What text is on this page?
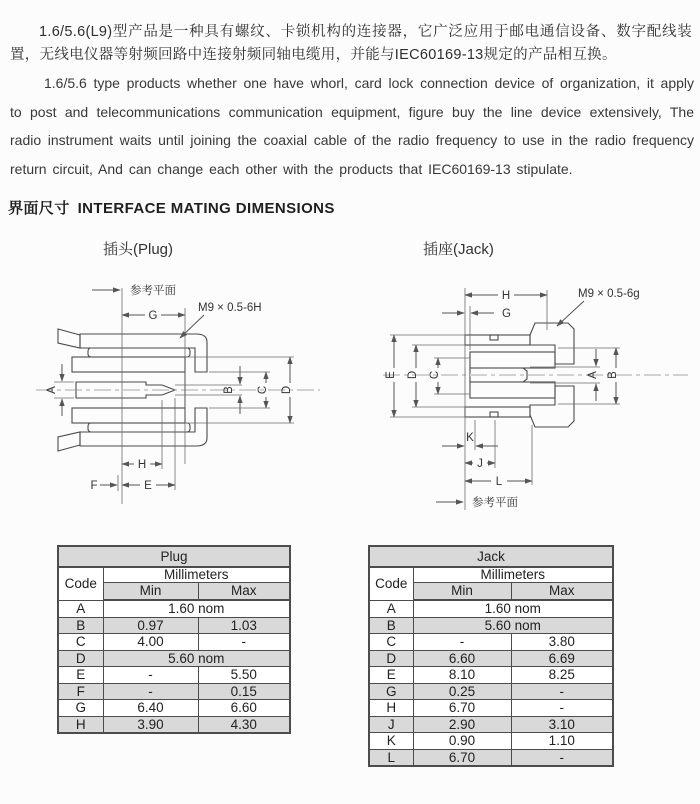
1.6/5.6(L9)型产品是一种具有螺纹、卡锁机构的连接器，它广泛应用于邮电通信设备、数字配线装置，无线电仪器等射频回路中连接射频同轴电缆用，并能与IEC60169-13规定的产品相互换。

1.6/5.6 type products whether one have whorl, card lock connection device of organization, it apply to post and telecommunications communication equipment, figure buy the line device extensively, The radio instrument waits until joining the coaxial cable of the radio frequency to use in the radio frequency return circuit, And can change each other with the products that IEC60169-13 stipulate.

界面尺寸 INTERFACE MATING DIMENSIONS
插头(Plug)	插座(Jack)
参考平面
G
M9 × 0.5-6H
A	B C D
H
F	E
H
G
M9 × 0.5-6g
E D C	A B
K
J
L
参考平面
Plug		
Code	Millimeters	
	Min	Max
A	1.60 nom	
B	0.97	1.03
C	4.00	-
D	5.60 nom	
E	-	5.50
F	-	0.15
G	6.40	6.60
H	3.90	4.30
Jack		
Code	Millimeters	
	Min	Max
A	1.60 nom	
B	5.60 nom	
C	-	3.80
D	6.60	6.69
E	8.10	8.25
G	0.25	-
H	6.70	-
J	2.90	3.10
K	0.90	1.10
L	6.70	-
